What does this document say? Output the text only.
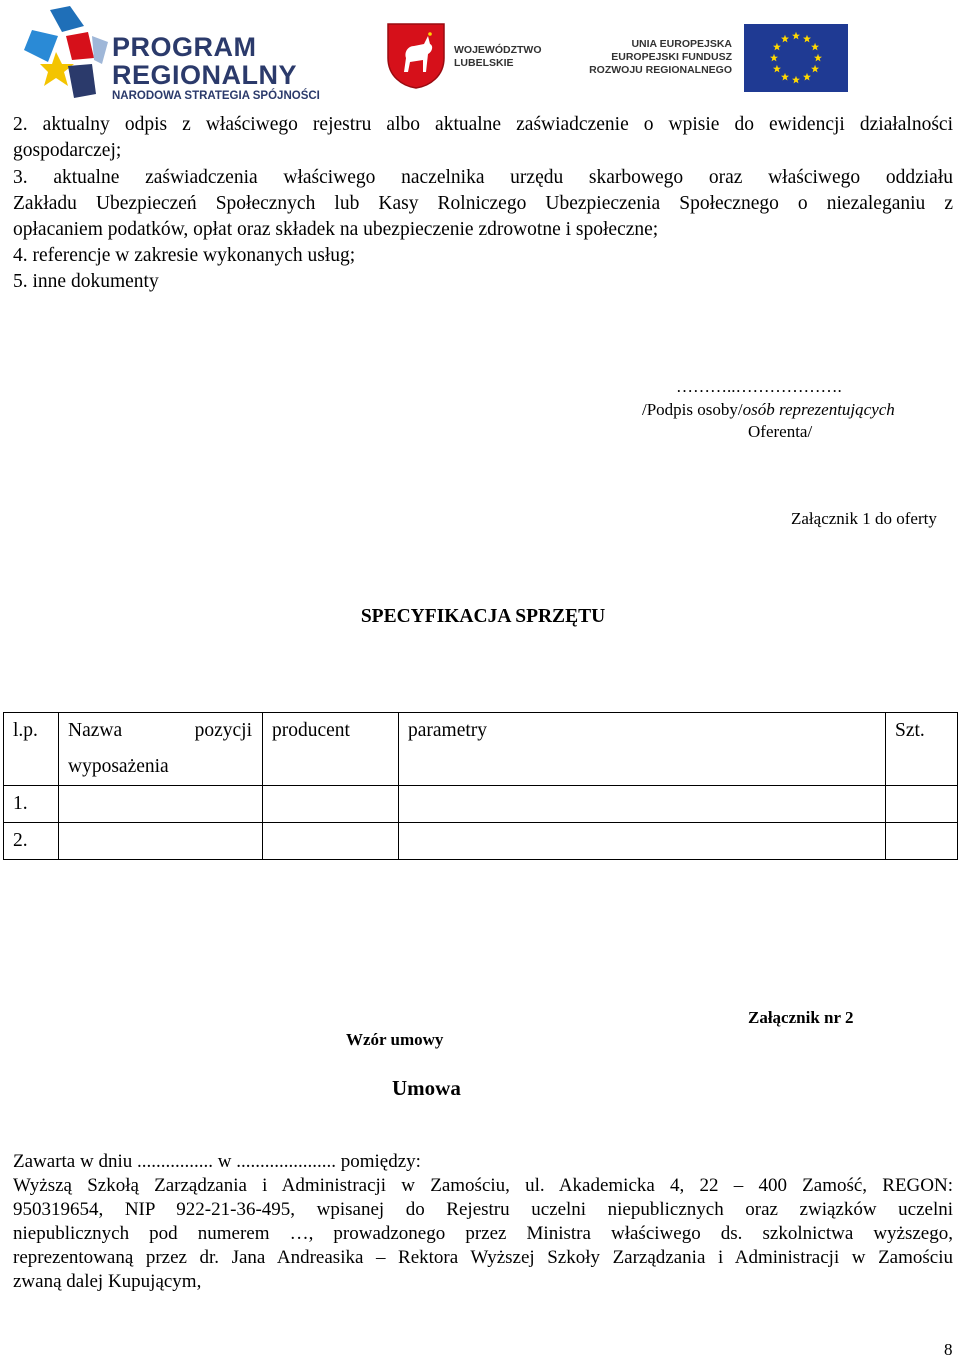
PROGRAM
REGIONALNY
NARODOWA STRATEGIA SPÓJNOŚCI
WOJEWÓDZTWO
LUBELSKIE
UNIA EUROPEJSKA
EUROPEJSKI FUNDUSZ
ROZWOJU REGIONALNEGO
2. aktualny odpis z właściwego rejestru albo aktualne zaświadczenie o wpisie do ewidencji działalności
gospodarczej;
3. aktualne zaświadczenia właściwego naczelnika urzędu skarbowego oraz właściwego oddziału
Zakładu Ubezpieczeń Społecznych lub Kasy Rolniczego Ubezpieczenia Społecznego o niezaleganiu z
opłacaniem podatków, opłat oraz składek na ubezpieczenie zdrowotne i społeczne;
4. referencje w zakresie wykonanych usług;
5. inne dokumenty
………..……………….
/Podpis osoby/osób reprezentujących
Oferenta/
Załącznik 1 do oferty
SPECYFIKACJA SPRZĘTU
l.p.	Nazwa pozycji
wyposażenia	producent	parametry	Szt.

1.				

2.				

Załącznik nr 2
Wzór umowy
Umowa
Zawarta w dniu ................ w ..................... pomiędzy:
Wyższą Szkołą Zarządzania i Administracji w Zamościu, ul. Akademicka 4, 22 – 400 Zamość, REGON:
950319654, NIP 922-21-36-495, wpisanej do Rejestru uczelni niepublicznych oraz związków uczelni
niepublicznych pod numerem …, prowadzonego przez Ministra właściwego ds. szkolnictwa wyższego,
reprezentowaną przez dr. Jana Andreasika – Rektora Wyższej Szkoły Zarządzania i Administracji w Zamościu
zwaną dalej Kupującym,
8
